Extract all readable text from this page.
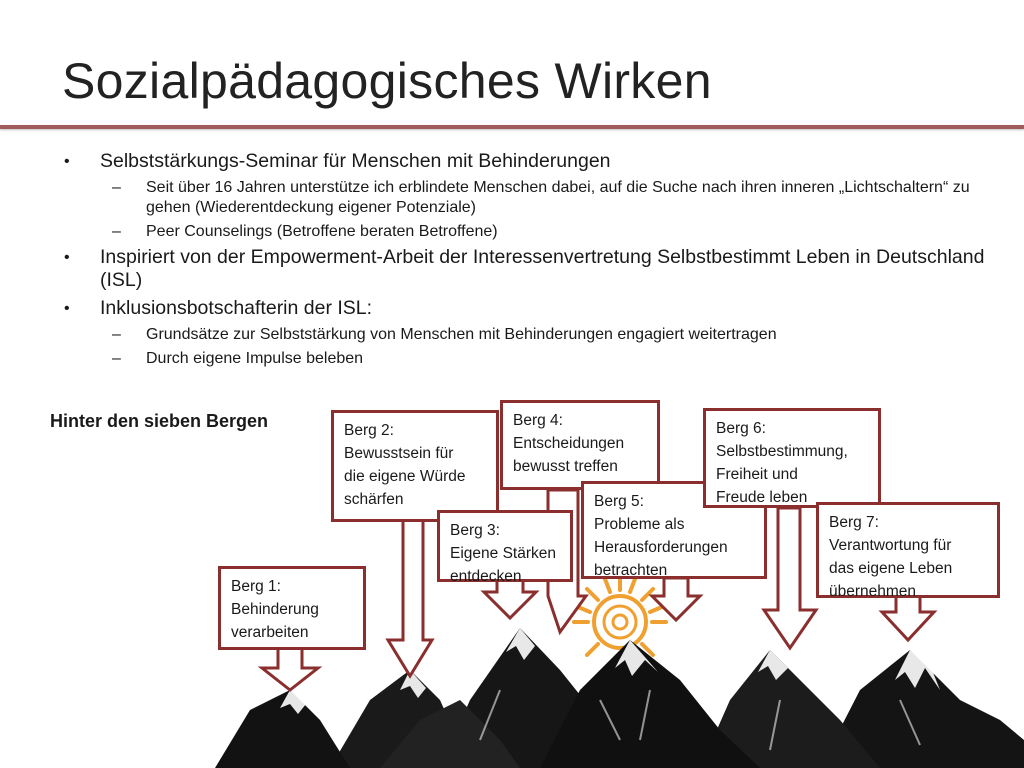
Sozialpädagogisches Wirken
• Selbststärkungs-Seminar für Menschen mit Behinderungen
– Seit über 16 Jahren unterstütze ich erblindete Menschen dabei, auf die Suche nach ihren inneren „Lichtschaltern“ zu gehen (Wiederentdeckung eigener Potenziale)
– Peer Counselings (Betroffene beraten Betroffene)
• Inspiriert von der Empowerment-Arbeit der Interessenvertretung Selbstbestimmt Leben in Deutschland (ISL)
• Inklusionsbotschafterin der ISL:
– Grundsätze zur Selbststärkung von Menschen mit Behinderungen engagiert weitertragen
– Durch eigene Impulse beleben

Hinter den sieben Bergen

Berg 1:
Behinderung
verarbeiten
Berg 2:
Bewusstsein für
die eigene Würde
schärfen
Berg 4:
Entscheidungen
bewusst treffen
Berg 3:
Eigene Stärken
entdecken
Berg 5:
Probleme als
Herausforderungen
betrachten
Berg 6:
Selbstbestimmung,
Freiheit und
Freude leben
Berg 7:
Verantwortung für
das eigene Leben
übernehmen
